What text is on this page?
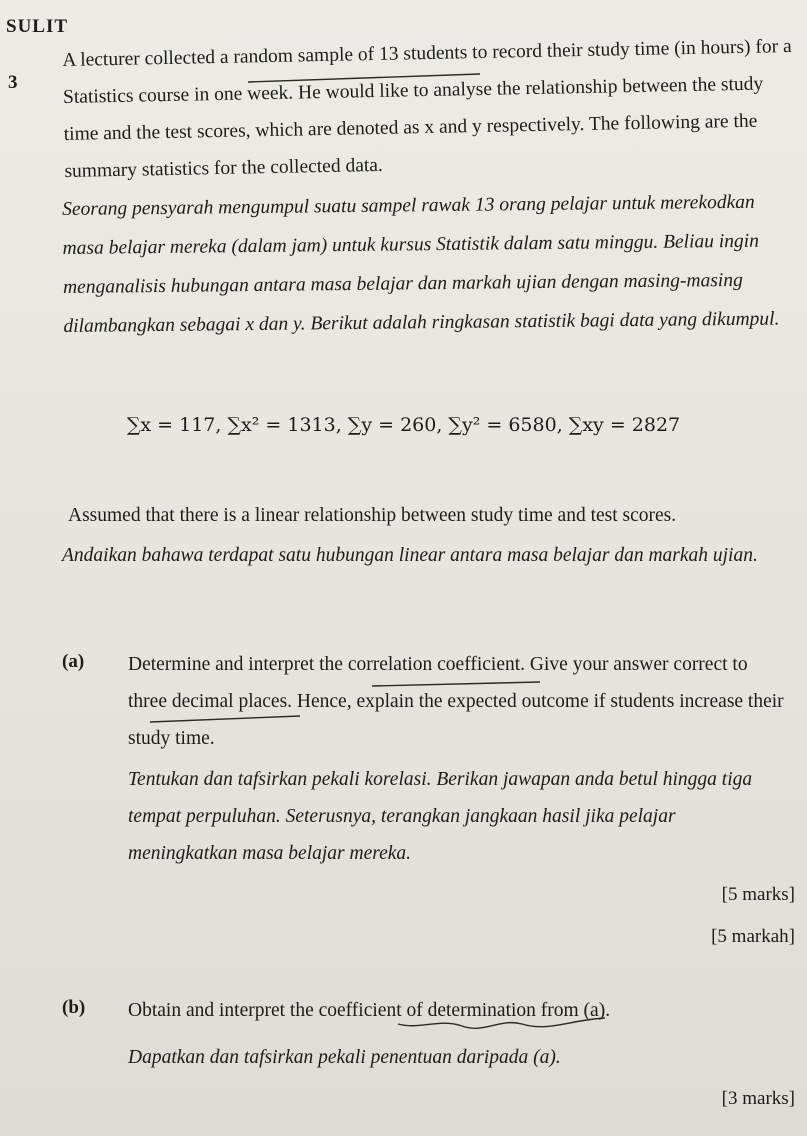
SULIT
3
A lecturer collected a random sample of 13 students to record their study time (in hours) for a Statistics course in one week. He would like to analyse the relationship between the study time and the test scores, which are denoted as x and y respectively. The following are the summary statistics for the collected data.
Seorang pensyarah mengumpul suatu sampel rawak 13 orang pelajar untuk merekodkan masa belajar mereka (dalam jam) untuk kursus Statistik dalam satu minggu. Beliau ingin menganalisis hubungan antara masa belajar dan markah ujian dengan masing-masing dilambangkan sebagai x dan y. Berikut adalah ringkasan statistik bagi data yang dikumpul.
∑x = 117, ∑x² = 1313, ∑y = 260, ∑y² = 6580, ∑xy = 2827
Assumed that there is a linear relationship between study time and test scores.
Andaikan bahawa terdapat satu hubungan linear antara masa belajar dan markah ujian.
(a) Determine and interpret the correlation coefficient. Give your answer correct to three decimal places. Hence, explain the expected outcome if students increase their study time.
Tentukan dan tafsirkan pekali korelasi. Berikan jawapan anda betul hingga tiga tempat perpuluhan. Seterusnya, terangkan jangkaan hasil jika pelajar meningkatkan masa belajar mereka.
[5 marks]
[5 markah]
(b) Obtain and interpret the coefficient of determination from (a).
Dapatkan dan tafsirkan pekali penentuan daripada (a).
[3 marks]
